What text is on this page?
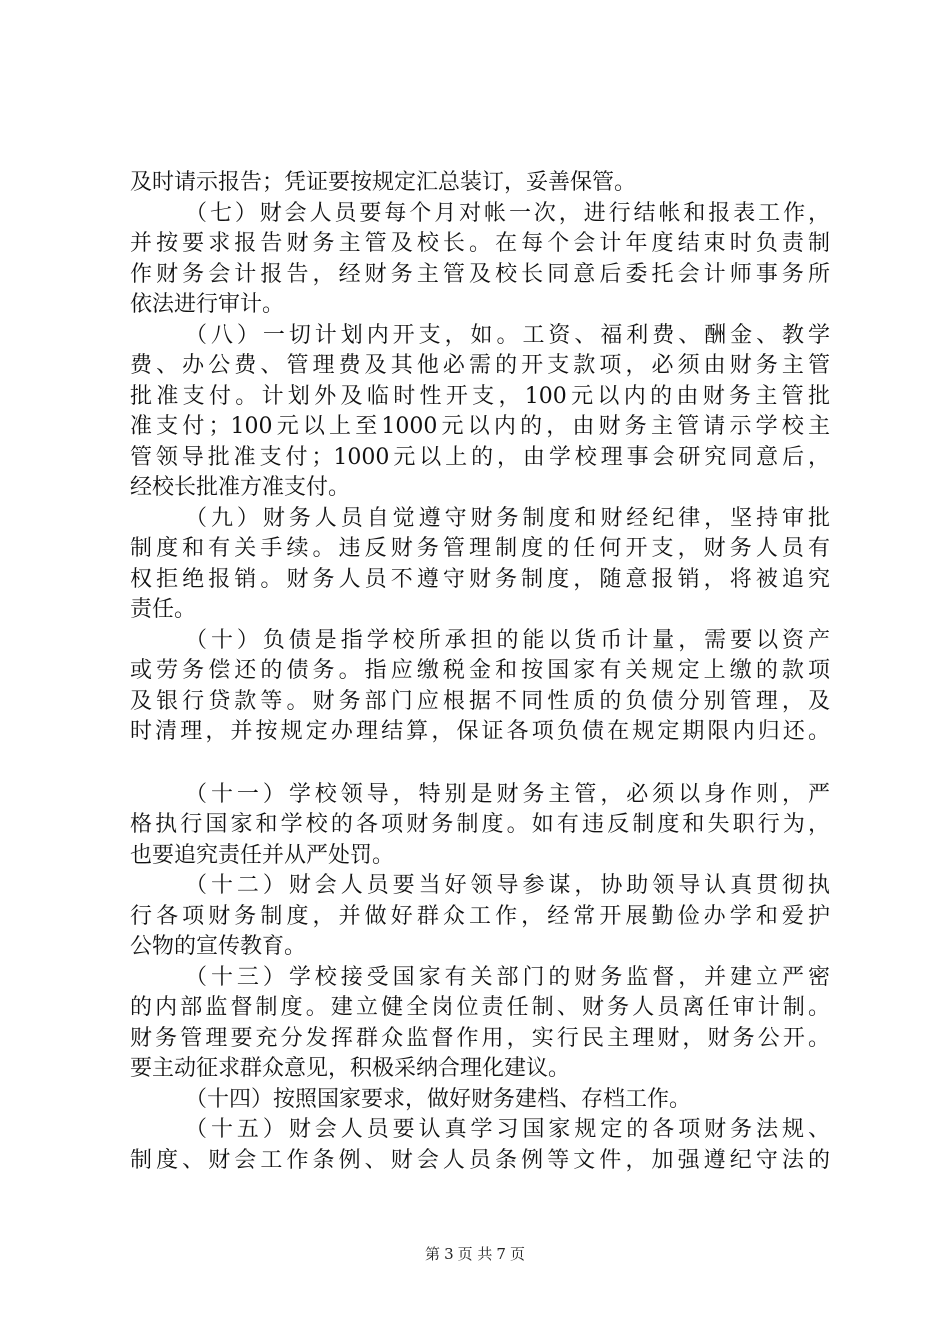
及时请示报告；凭证要按规定汇总装订，妥善保管。
（七）财会人员要每个月对帐一次，进行结帐和报表工作，
并按要求报告财务主管及校长。在每个会计年度结束时负责制
作财务会计报告，经财务主管及校长同意后委托会计师事务所
依法进行审计。
（八）一切计划内开支，如。工资、福利费、酬金、教学
费、办公费、管理费及其他必需的开支款项，必须由财务主管
批准支付。计划外及临时性开支，100元以内的由财务主管批
准支付；100元以上至1000元以内的，由财务主管请示学校主
管领导批准支付；1000元以上的，由学校理事会研究同意后，
经校长批准方准支付。
（九）财务人员自觉遵守财务制度和财经纪律，坚持审批
制度和有关手续。违反财务管理制度的任何开支，财务人员有
权拒绝报销。财务人员不遵守财务制度，随意报销，将被追究
责任。
（十）负债是指学校所承担的能以货币计量，需要以资产
或劳务偿还的债务。指应缴税金和按国家有关规定上缴的款项
及银行贷款等。财务部门应根据不同性质的负债分别管理，及
时清理，并按规定办理结算，保证各项负债在规定期限内归还。
（十一）学校领导，特别是财务主管，必须以身作则，严
格执行国家和学校的各项财务制度。如有违反制度和失职行为，
也要追究责任并从严处罚。
（十二）财会人员要当好领导参谋，协助领导认真贯彻执
行各项财务制度，并做好群众工作，经常开展勤俭办学和爱护
公物的宣传教育。
（十三）学校接受国家有关部门的财务监督，并建立严密
的内部监督制度。建立健全岗位责任制、财务人员离任审计制。
财务管理要充分发挥群众监督作用，实行民主理财，财务公开。
要主动征求群众意见，积极采纳合理化建议。
（十四）按照国家要求，做好财务建档、存档工作。
（十五）财会人员要认真学习国家规定的各项财务法规、
制度、财会工作条例、财会人员条例等文件，加强遵纪守法的
第 3 页 共 7 页
